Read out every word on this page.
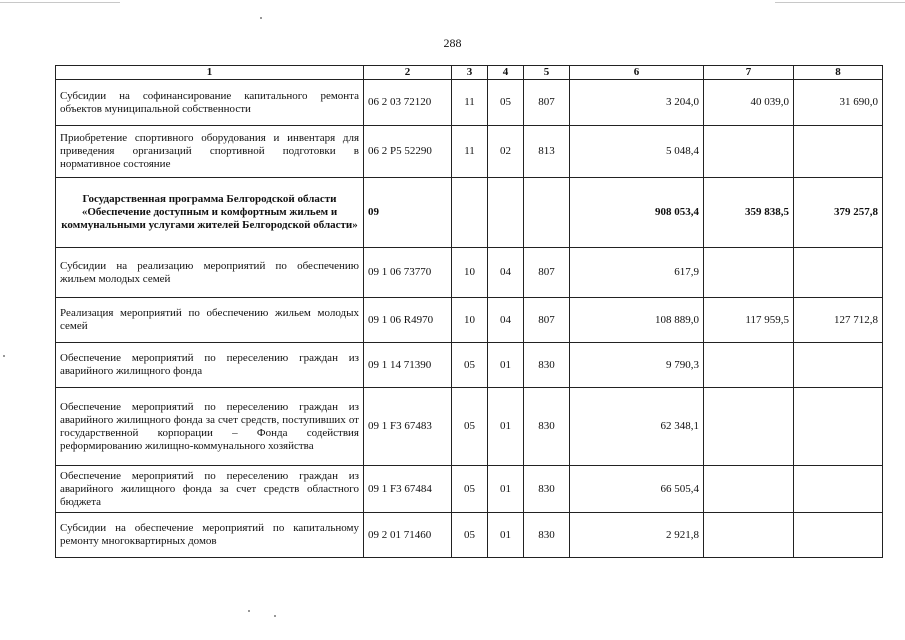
288
1	2	3	4	5	6	7	8
Субсидии на софинансирование капитального ремонта объектов муниципальной собственности	06 2 03 72120	11	05	807	3 204,0	40 039,0	31 690,0
Приобретение спортивного оборудования и инвентаря для приведения организаций спортивной подготовки в нормативное состояние	06 2 P5 52290	11	02	813	5 048,4		
Государственная программа Белгородской области «Обеспечение доступным и комфортным жильем и коммунальными услугами жителей Белгородской области»	09				908 053,4	359 838,5	379 257,8
Субсидии на реализацию мероприятий по обеспечению жильем молодых семей	09 1 06 73770	10	04	807	617,9		
Реализация мероприятий по обеспечению жильем молодых семей	09 1 06 R4970	10	04	807	108 889,0	117 959,5	127 712,8
Обеспечение мероприятий по переселению граждан из аварийного жилищного фонда	09 1 14 71390	05	01	830	9 790,3		
Обеспечение мероприятий по переселению граждан из аварийного жилищного фонда за счет средств, поступивших от государственной корпорации – Фонда содействия реформированию жилищно-коммунального хозяйства	09 1 F3 67483	05	01	830	62 348,1		
Обеспечение мероприятий по переселению граждан из аварийного жилищного фонда за счет средств областного бюджета	09 1 F3 67484	05	01	830	66 505,4		
Субсидии на обеспечение мероприятий по капитальному ремонту многоквартирных домов	09 2 01 71460	05	01	830	2 921,8		
